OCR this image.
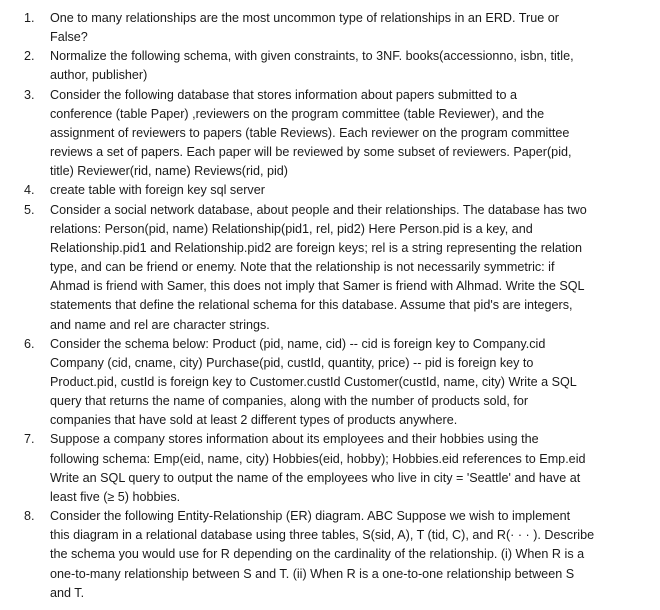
1.	One to many relationships are the most uncommon type of relationships in an ERD. True or
False?
2.	Normalize the following schema, with given constraints, to 3NF. books(accessionno, isbn, title,
author, publisher)
3.	Consider the following database that stores information about papers submitted to a
conference (table Paper) ,reviewers on the program committee (table Reviewer), and the
assignment of reviewers to papers (table Reviews). Each reviewer on the program committee
reviews a set of papers. Each paper will be reviewed by some subset of reviewers. Paper(pid,
title) Reviewer(rid, name) Reviews(rid, pid)
4.	create table with foreign key sql server
5.	Consider a social network database, about people and their relationships. The database has two
relations: Person(pid, name) Relationship(pid1, rel, pid2) Here Person.pid is a key, and
Relationship.pid1 and Relationship.pid2 are foreign keys; rel is a string representing the relation
type, and can be friend or enemy. Note that the relationship is not necessarily symmetric: if
Ahmad is friend with Samer, this does not imply that Samer is friend with Alhmad. Write the SQL
statements that define the relational schema for this database. Assume that pid's are integers,
and name and rel are character strings.
6.	Consider the schema below: Product (pid, name, cid) -- cid is foreign key to Company.cid
Company (cid, cname, city) Purchase(pid, custId, quantity, price) -- pid is foreign key to
Product.pid, custId is foreign key to Customer.custId Customer(custId, name, city) Write a SQL
query that returns the name of companies, along with the number of products sold, for
companies that have sold at least 2 different types of products anywhere.
7.	Suppose a company stores information about its employees and their hobbies using the
following schema: Emp(eid, name, city) Hobbies(eid, hobby); Hobbies.eid references to Emp.eid
Write an SQL query to output the name of the employees who live in city = 'Seattle' and have at
least five (≥ 5) hobbies.
8.	Consider the following Entity-Relationship (ER) diagram. ABC Suppose we wish to implement
this diagram in a relational database using three tables, S(sid, A), T (tid, C), and R(· · · ). Describe
the schema you would use for R depending on the cardinality of the relationship. (i) When R is a
one-to-many relationship between S and T. (ii) When R is a one-to-one relationship between S
and T.
